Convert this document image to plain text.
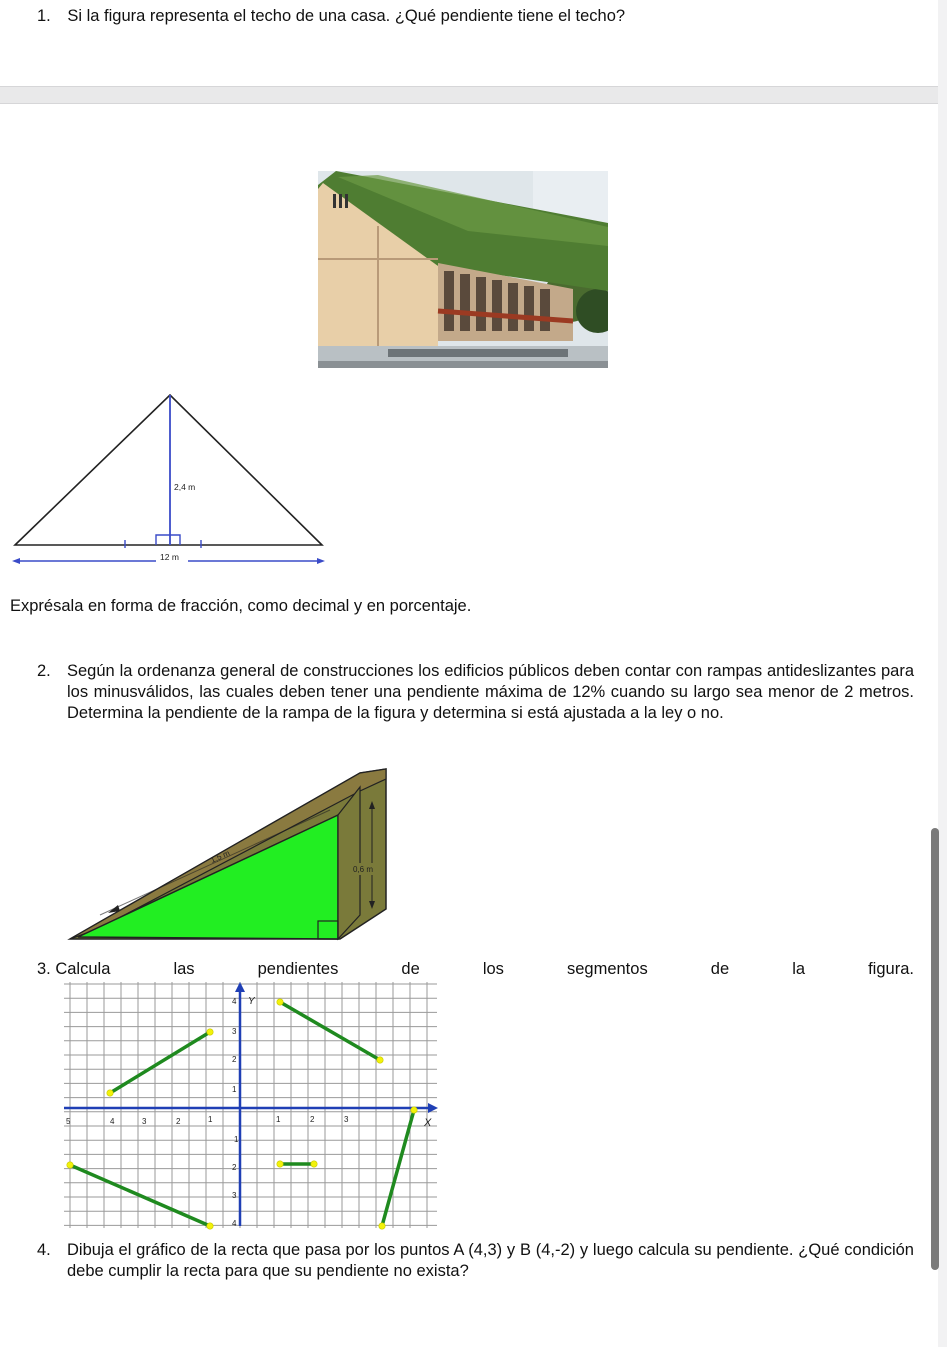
1. Si la figura representa el techo de una casa. ¿Qué pendiente tiene el techo?
2,4 m
12 m
Exprésala en forma de fracción, como decimal y en porcentaje.
2. Según la ordenanza general de construcciones los edificios públicos deben contar con rampas antideslizantes para los minusválidos, las cuales deben tener una pendiente máxima de 12% cuando su largo sea menor de 2 metros. Determina la pendiente de la rampa de la figura y determina si está ajustada a la ley o no.
1,5 m
0,6 m
3. Calcula	las	pendientes	de	los	segmentos	de	la	figura.
X
Y
5	4	3	2	1	1	2	3
4
3
2
1
1
2
3
4
4. Dibuja el gráfico de la recta que pasa por los puntos A (4,3) y B (4,-2) y luego calcula su pendiente. ¿Qué condición debe cumplir la recta para que su pendiente no exista?
